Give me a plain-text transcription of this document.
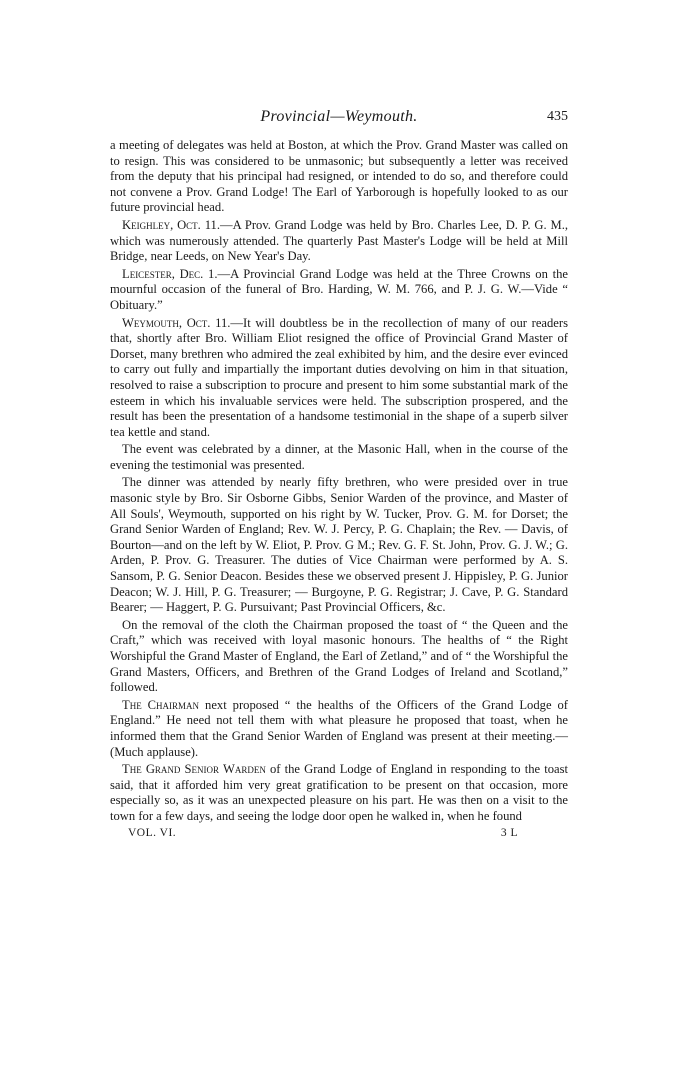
Provincial—Weymouth.	435

a meeting of delegates was held at Boston, at which the Prov. Grand Master was called on to resign. This was considered to be unmasonic; but subsequently a letter was received from the deputy that his principal had resigned, or intended to do so, and therefore could not convene a Prov. Grand Lodge! The Earl of Yarborough is hopefully looked to as our future provincial head.

Keighley, Oct. 11.—A Prov. Grand Lodge was held by Bro. Charles Lee, D. P. G. M., which was numerously attended. The quarterly Past Master's Lodge will be held at Mill Bridge, near Leeds, on New Year's Day.

Leicester, Dec. 1.—A Provincial Grand Lodge was held at the Three Crowns on the mournful occasion of the funeral of Bro. Harding, W. M. 766, and P. J. G. W.—Vide “ Obituary.”

Weymouth, Oct. 11.—It will doubtless be in the recollection of many of our readers that, shortly after Bro. William Eliot resigned the office of Provincial Grand Master of Dorset, many brethren who admired the zeal exhibited by him, and the desire ever evinced to carry out fully and impartially the important duties devolving on him in that situation, resolved to raise a subscription to procure and present to him some substantial mark of the esteem in which his invaluable services were held. The subscription prospered, and the result has been the presentation of a handsome testimonial in the shape of a superb silver tea kettle and stand.

The event was celebrated by a dinner, at the Masonic Hall, when in the course of the evening the testimonial was presented.

The dinner was attended by nearly fifty brethren, who were presided over in true masonic style by Bro. Sir Osborne Gibbs, Senior Warden of the province, and Master of All Souls', Weymouth, supported on his right by W. Tucker, Prov. G. M. for Dorset; the Grand Senior Warden of England; Rev. W. J. Percy, P. G. Chaplain; the Rev. — Davis, of Bourton—and on the left by W. Eliot, P. Prov. G M.; Rev. G. F. St. John, Prov. G. J. W.; G. Arden, P. Prov. G. Treasurer. The duties of Vice Chairman were performed by A. S. Sansom, P. G. Senior Deacon. Besides these we observed present J. Hippisley, P. G. Junior Deacon; W. J. Hill, P. G. Treasurer; — Burgoyne, P. G. Registrar; J. Cave, P. G. Standard Bearer; — Haggert, P. G. Pursuivant; Past Provincial Officers, &c.

On the removal of the cloth the Chairman proposed the toast of “ the Queen and the Craft,” which was received with loyal masonic honours. The healths of “ the Right Worshipful the Grand Master of England, the Earl of Zetland,” and of “ the Worshipful the Grand Masters, Officers, and Brethren of the Grand Lodges of Ireland and Scotland,” followed.

The Chairman next proposed “ the healths of the Officers of the Grand Lodge of England.” He need not tell them with what pleasure he proposed that toast, when he informed them that the Grand Senior Warden of England was present at their meeting.—(Much applause).

The Grand Senior Warden of the Grand Lodge of England in responding to the toast said, that it afforded him very great gratification to be present on that occasion, more especially so, as it was an unexpected pleasure on his part. He was then on a visit to the town for a few days, and seeing the lodge door open he walked in, when he found

VOL. VI.	3 L
